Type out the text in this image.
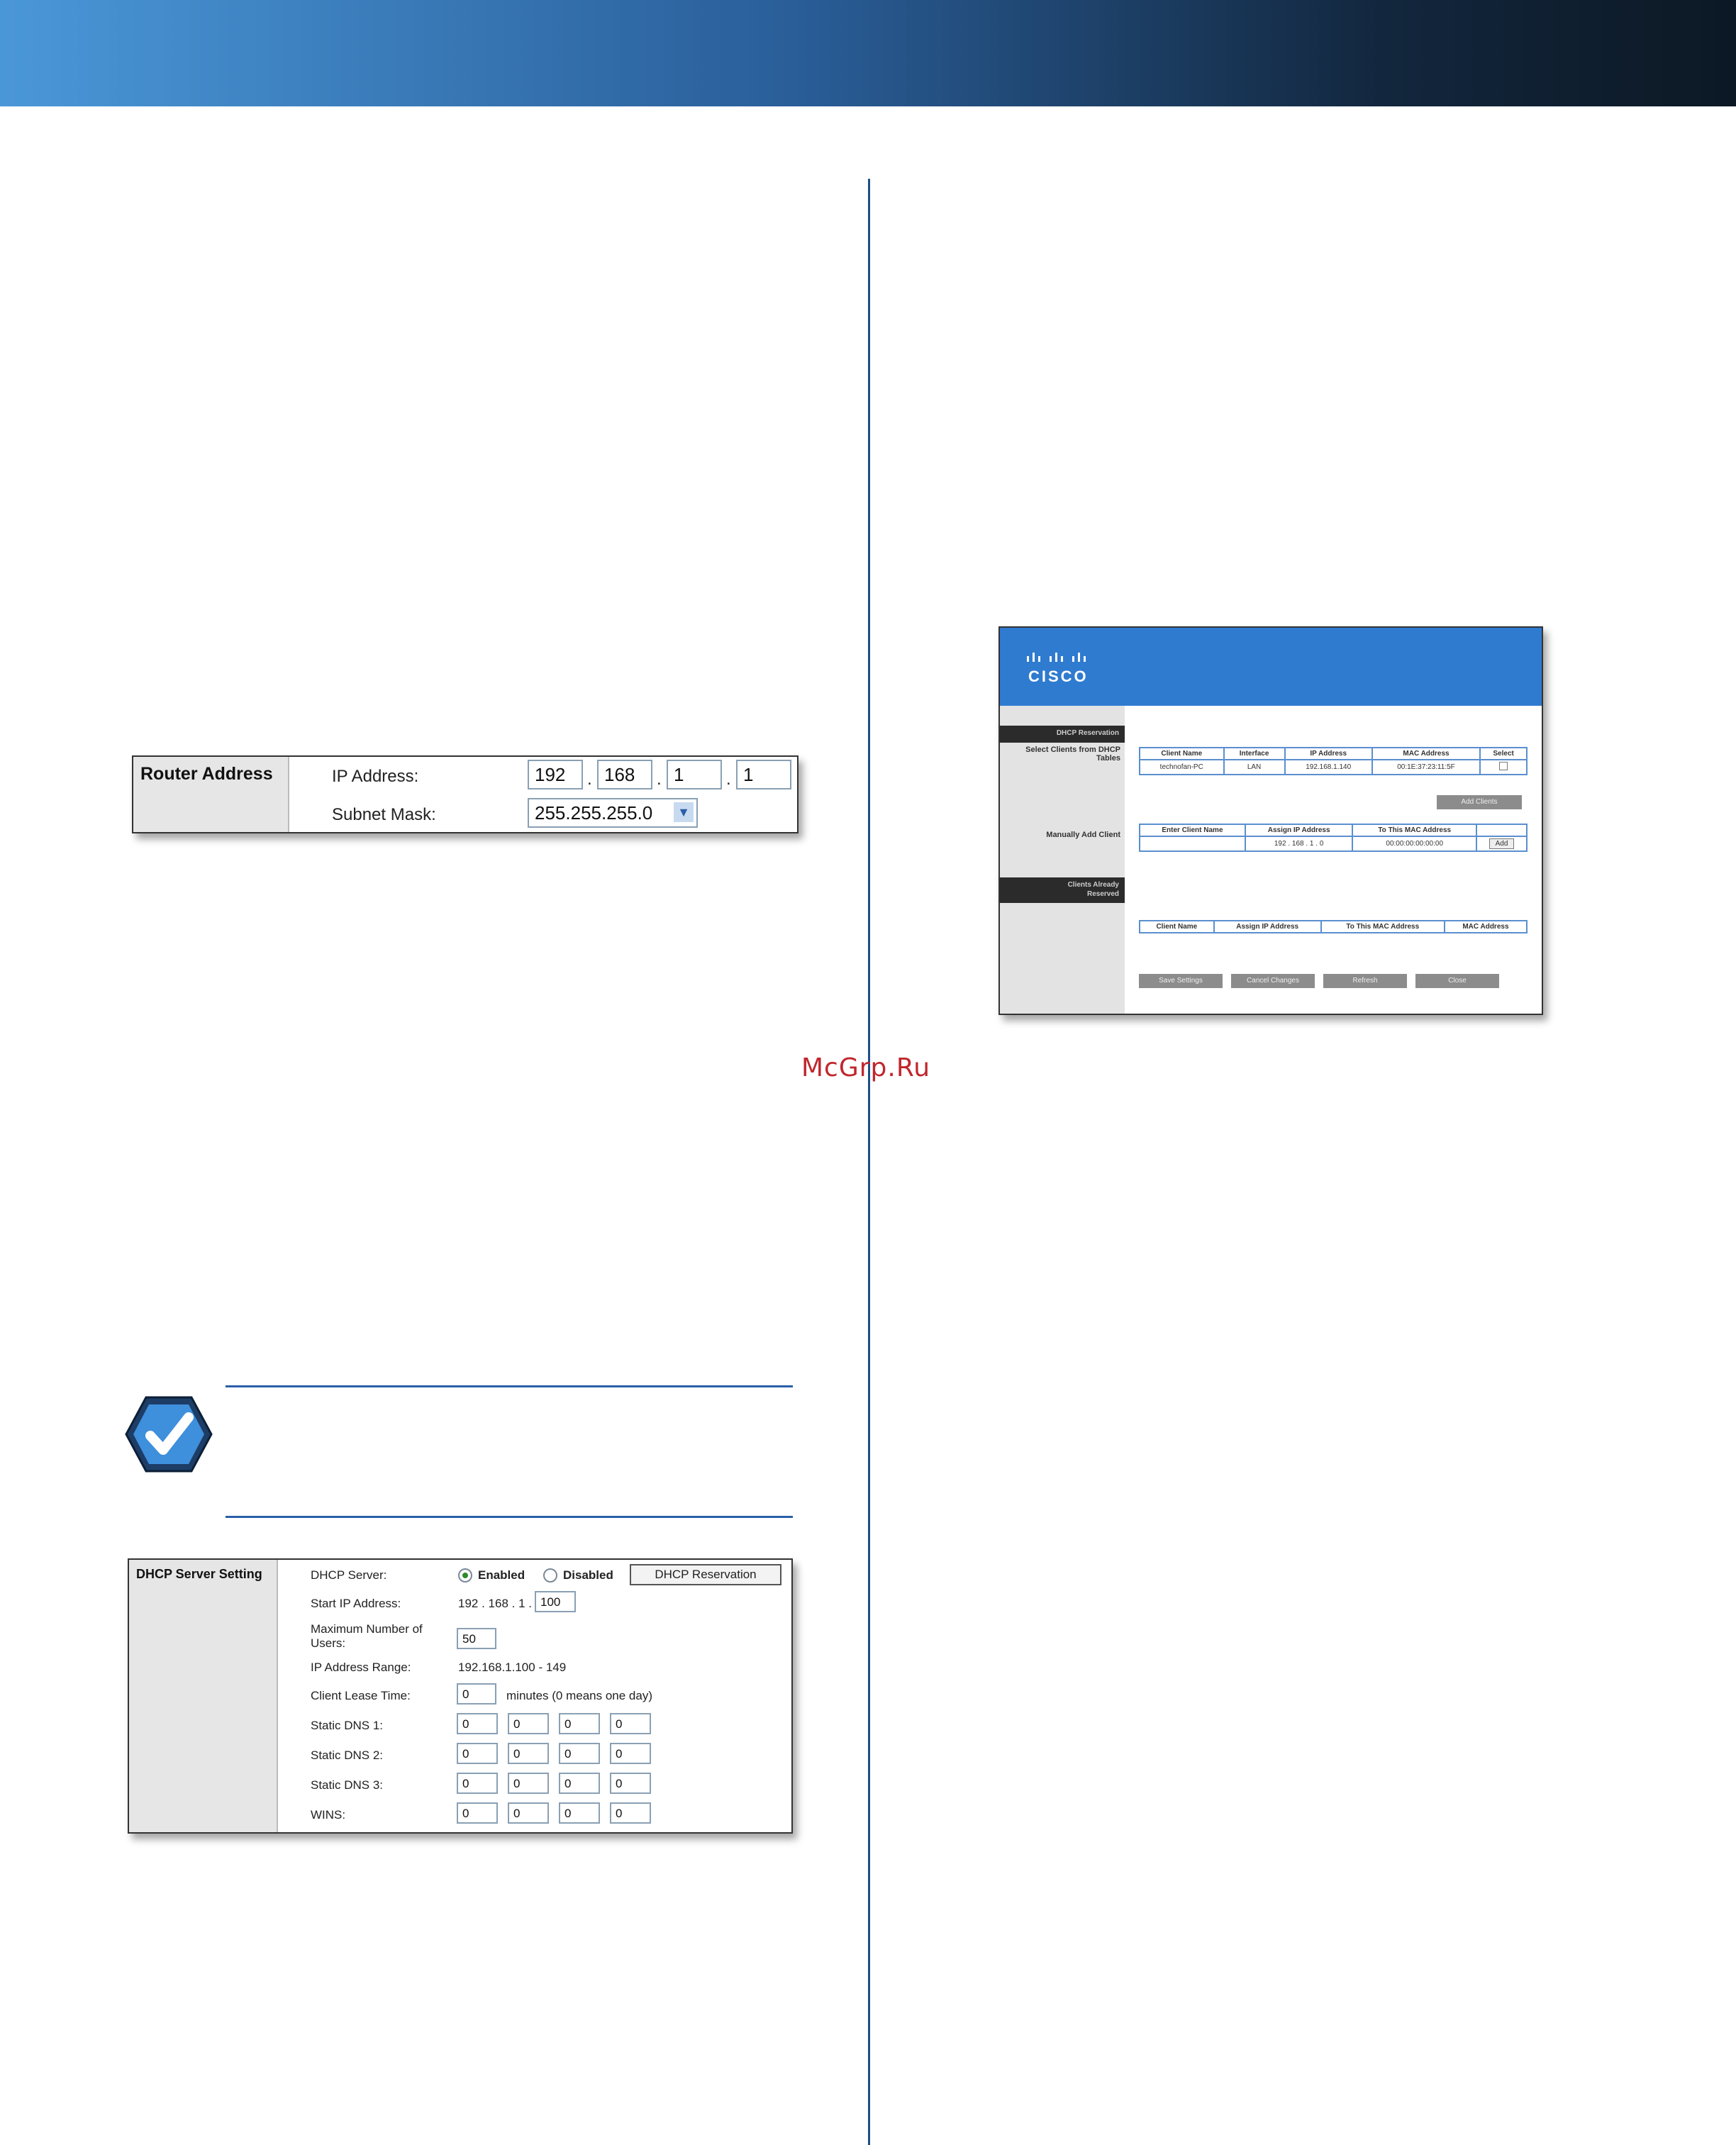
McGrp.Ru
Router Address	IP Address:	192	. 168	. 1	. 1
Subnet Mask:	255.255.255.0 ▼
DHCP Server Setting	DHCP Server:	Enabled	Disabled	DHCP Reservation
Start IP Address:	192 . 168 . 1 . 100
Maximum Number of Users:	50
IP Address Range:	192.168.1.100 - 149
Client Lease Time:	0	minutes (0 means one day)
Static DNS 1:	0	0	0	0
Static DNS 2:	0	0	0	0
Static DNS 3:	0	0	0	0
WINS:	0	0	0	0
CISCO
DHCP Reservation
Select Clients from DHCP Tables
Manually Add Client
Clients Already Reserved
Client Name	Interface	IP Address	MAC Address	Select
technofan-PC	LAN	192.168.1.140	00:1E:37:23:11:5F	
Add Clients
Enter Client Name	Assign IP Address	To This MAC Address	
	192 . 168 . 1 . 0	00:00:00:00:00:00	Add
Client Name	Assign IP Address	To This MAC Address	MAC Address
Save Settings	Cancel Changes	Refresh	Close
